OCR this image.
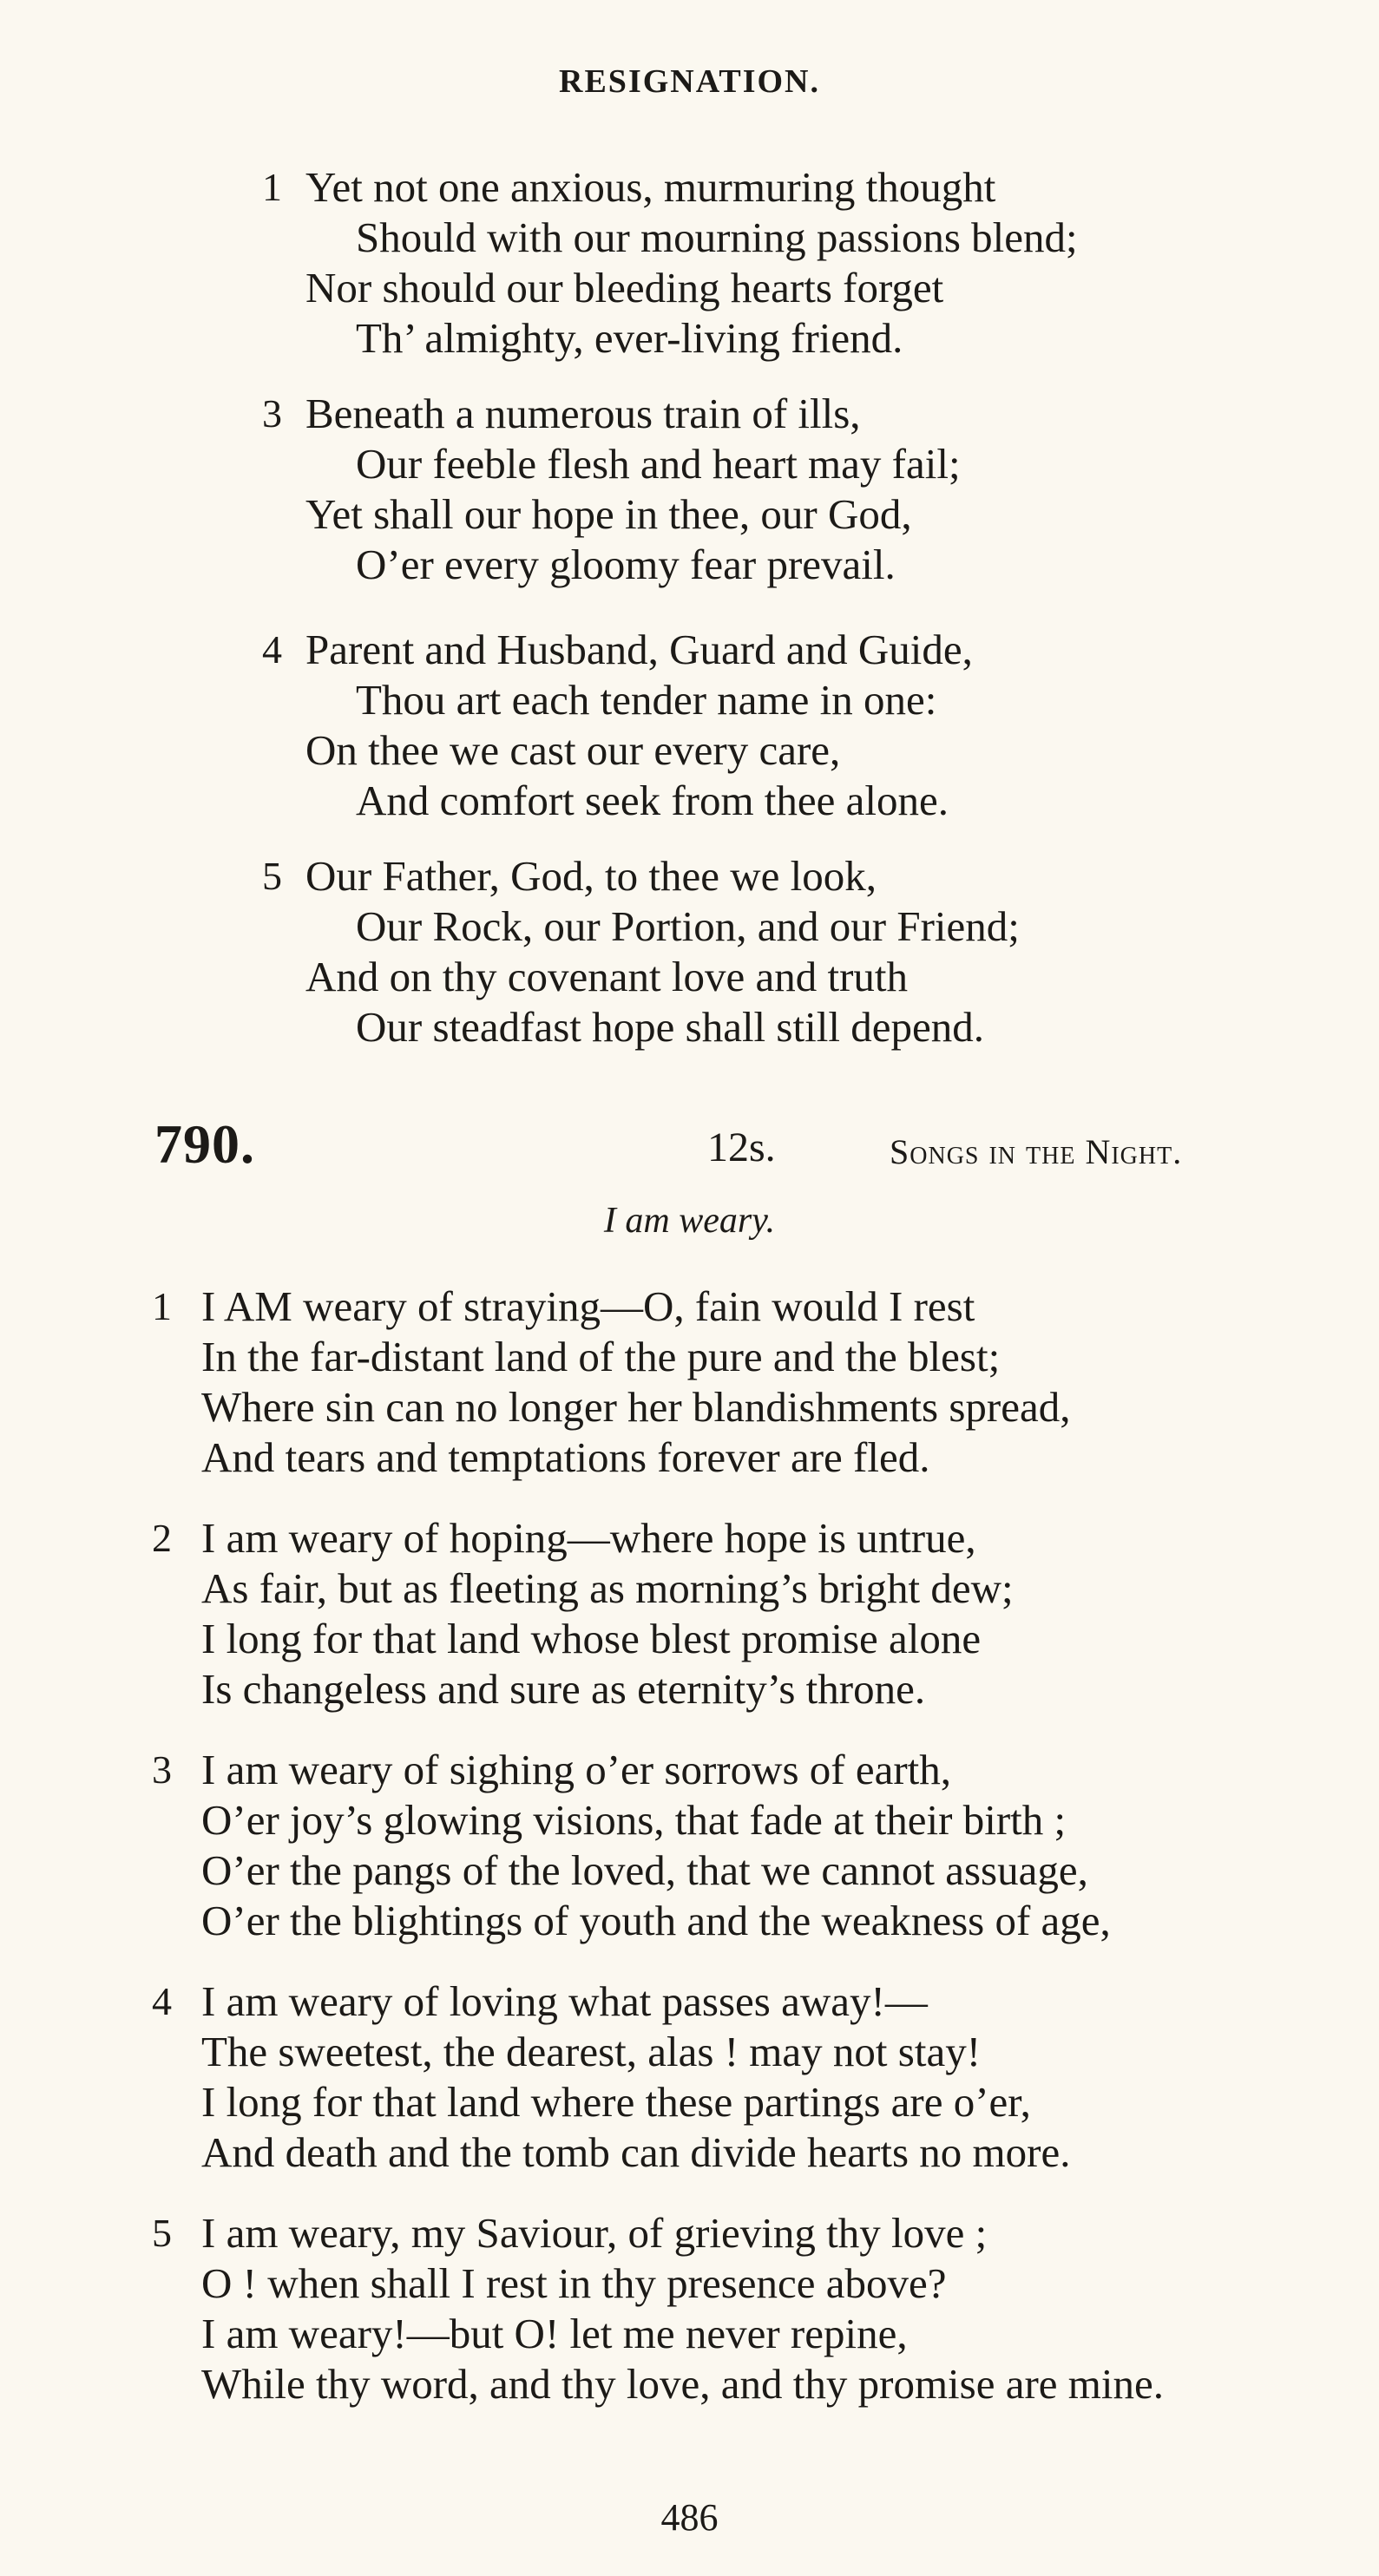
RESIGNATION.
1 Yet not one anxious, murmuring thought
Should with our mourning passions blend;
Nor should our bleeding hearts forget
Th’ almighty, ever-living friend.
3 Beneath a numerous train of ills,
Our feeble flesh and heart may fail;
Yet shall our hope in thee, our God,
O’er every gloomy fear prevail.
4 Parent and Husband, Guard and Guide,
Thou art each tender name in one:
On thee we cast our every care,
And comfort seek from thee alone.
5 Our Father, God, to thee we look,
Our Rock, our Portion, and our Friend;
And on thy covenant love and truth
Our steadfast hope shall still depend.
790.	12s.	Songs in the Night.
I am weary.
1 I AM weary of straying—O, fain would I rest
In the far-distant land of the pure and the blest;
Where sin can no longer her blandishments spread,
And tears and temptations forever are fled.
2 I am weary of hoping—where hope is untrue,
As fair, but as fleeting as morning’s bright dew;
I long for that land whose blest promise alone
Is changeless and sure as eternity’s throne.
3 I am weary of sighing o’er sorrows of earth,
O’er joy’s glowing visions, that fade at their birth ;
O’er the pangs of the loved, that we cannot assuage,
O’er the blightings of youth and the weakness of age,
4 I am weary of loving what passes away!—
The sweetest, the dearest, alas ! may not stay!
I long for that land where these partings are o’er,
And death and the tomb can divide hearts no more.
5 I am weary, my Saviour, of grieving thy love ;
O ! when shall I rest in thy presence above?
I am weary!—but O! let me never repine,
While thy word, and thy love, and thy promise are mine.
486
